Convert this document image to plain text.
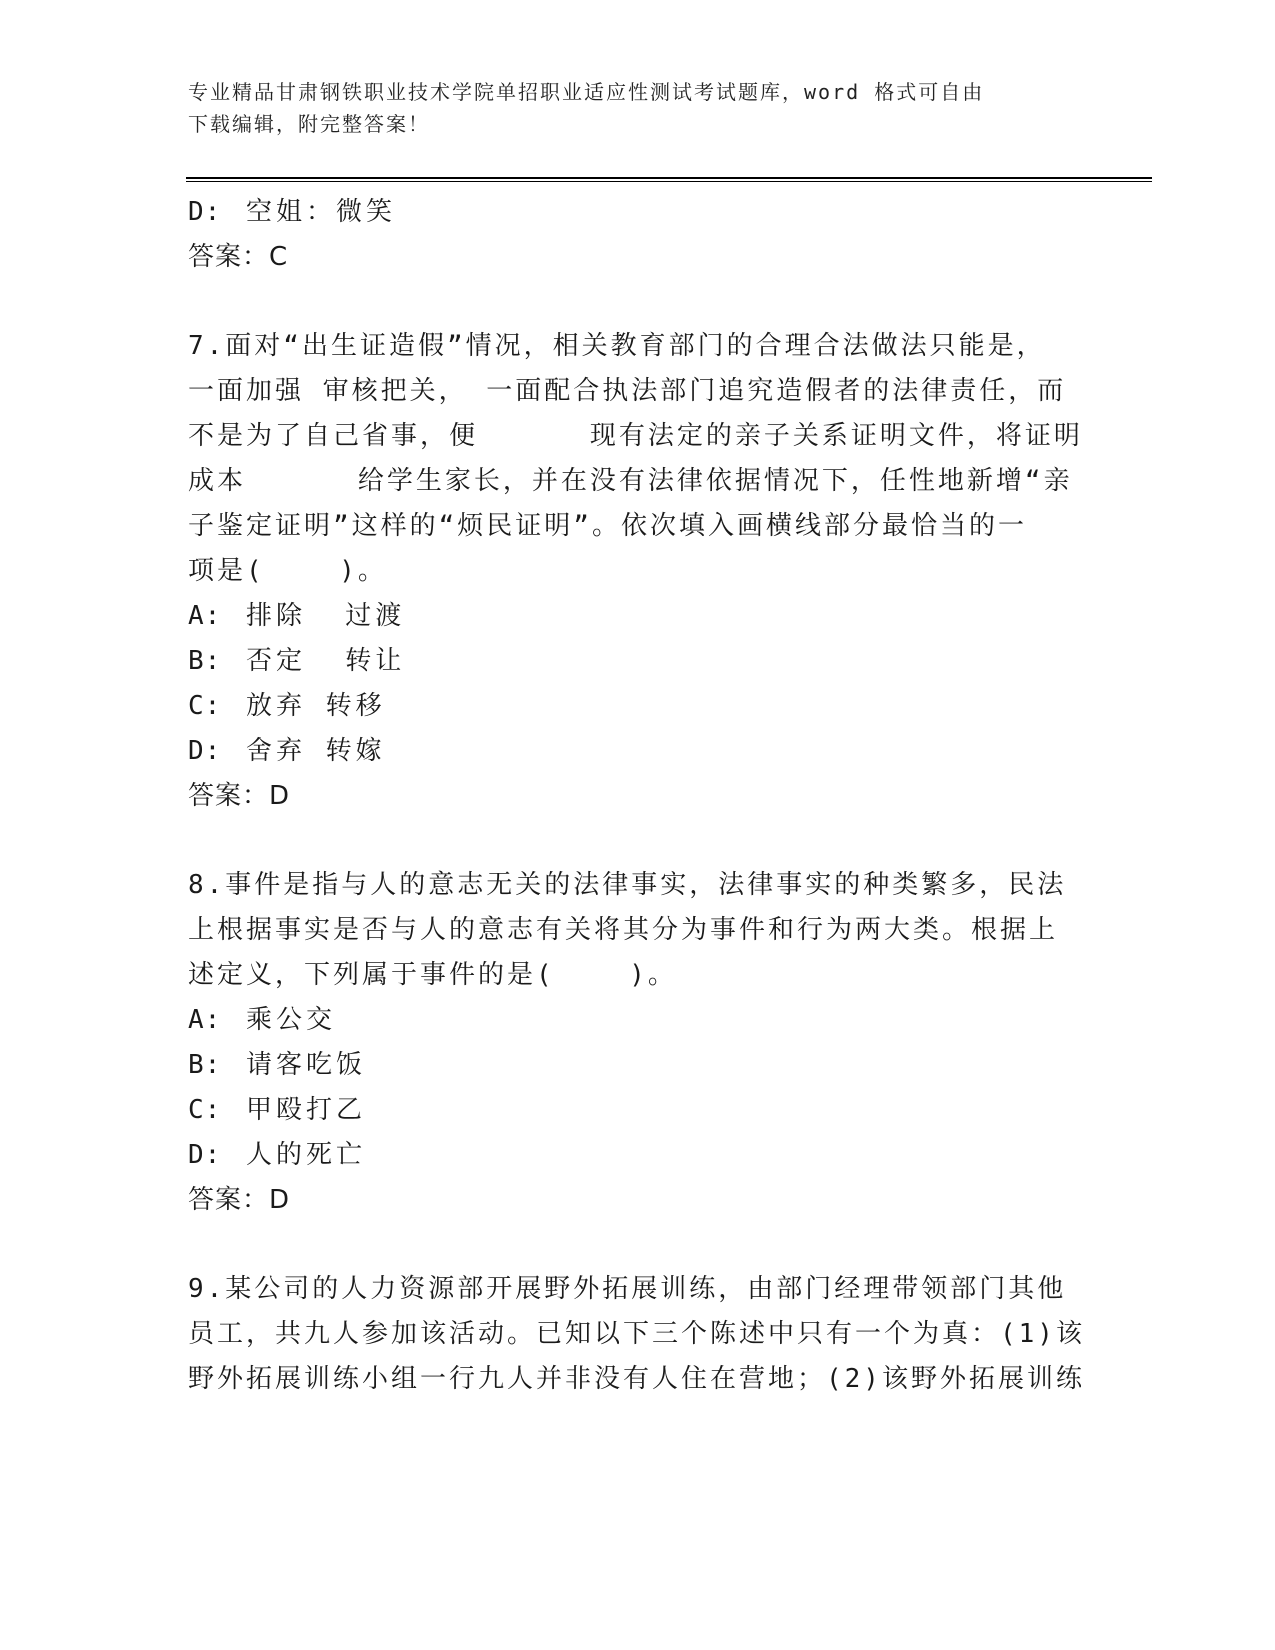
专业精品甘肃钢铁职业技术学院单招职业适应性测试考试题库，word 格式可自由
下载编辑，附完整答案！
D: 空姐：微笑
答案：C
7.面对“出生证造假”情况，相关教育部门的合理合法做法只能是，
一面加强 审核把关， 一面配合执法部门追究造假者的法律责任，而
不是为了自己省事，便      现有法定的亲子关系证明文件，将证明
成本      给学生家长，并在没有法律依据情况下，任性地新增“亲
子鉴定证明”这样的“烦民证明”。依次填入画横线部分最恰当的一
项是(    )。
A: 排除  过渡
B: 否定  转让
C: 放弃 转移
D: 舍弃 转嫁
答案：D
8.事件是指与人的意志无关的法律事实，法律事实的种类繁多，民法
上根据事实是否与人的意志有关将其分为事件和行为两大类。根据上
述定义，下列属于事件的是(    )。
A: 乘公交
B: 请客吃饭
C: 甲殴打乙
D: 人的死亡
答案：D
9.某公司的人力资源部开展野外拓展训练，由部门经理带领部门其他
员工，共九人参加该活动。已知以下三个陈述中只有一个为真：(1)该
野外拓展训练小组一行九人并非没有人住在营地；(2)该野外拓展训练
